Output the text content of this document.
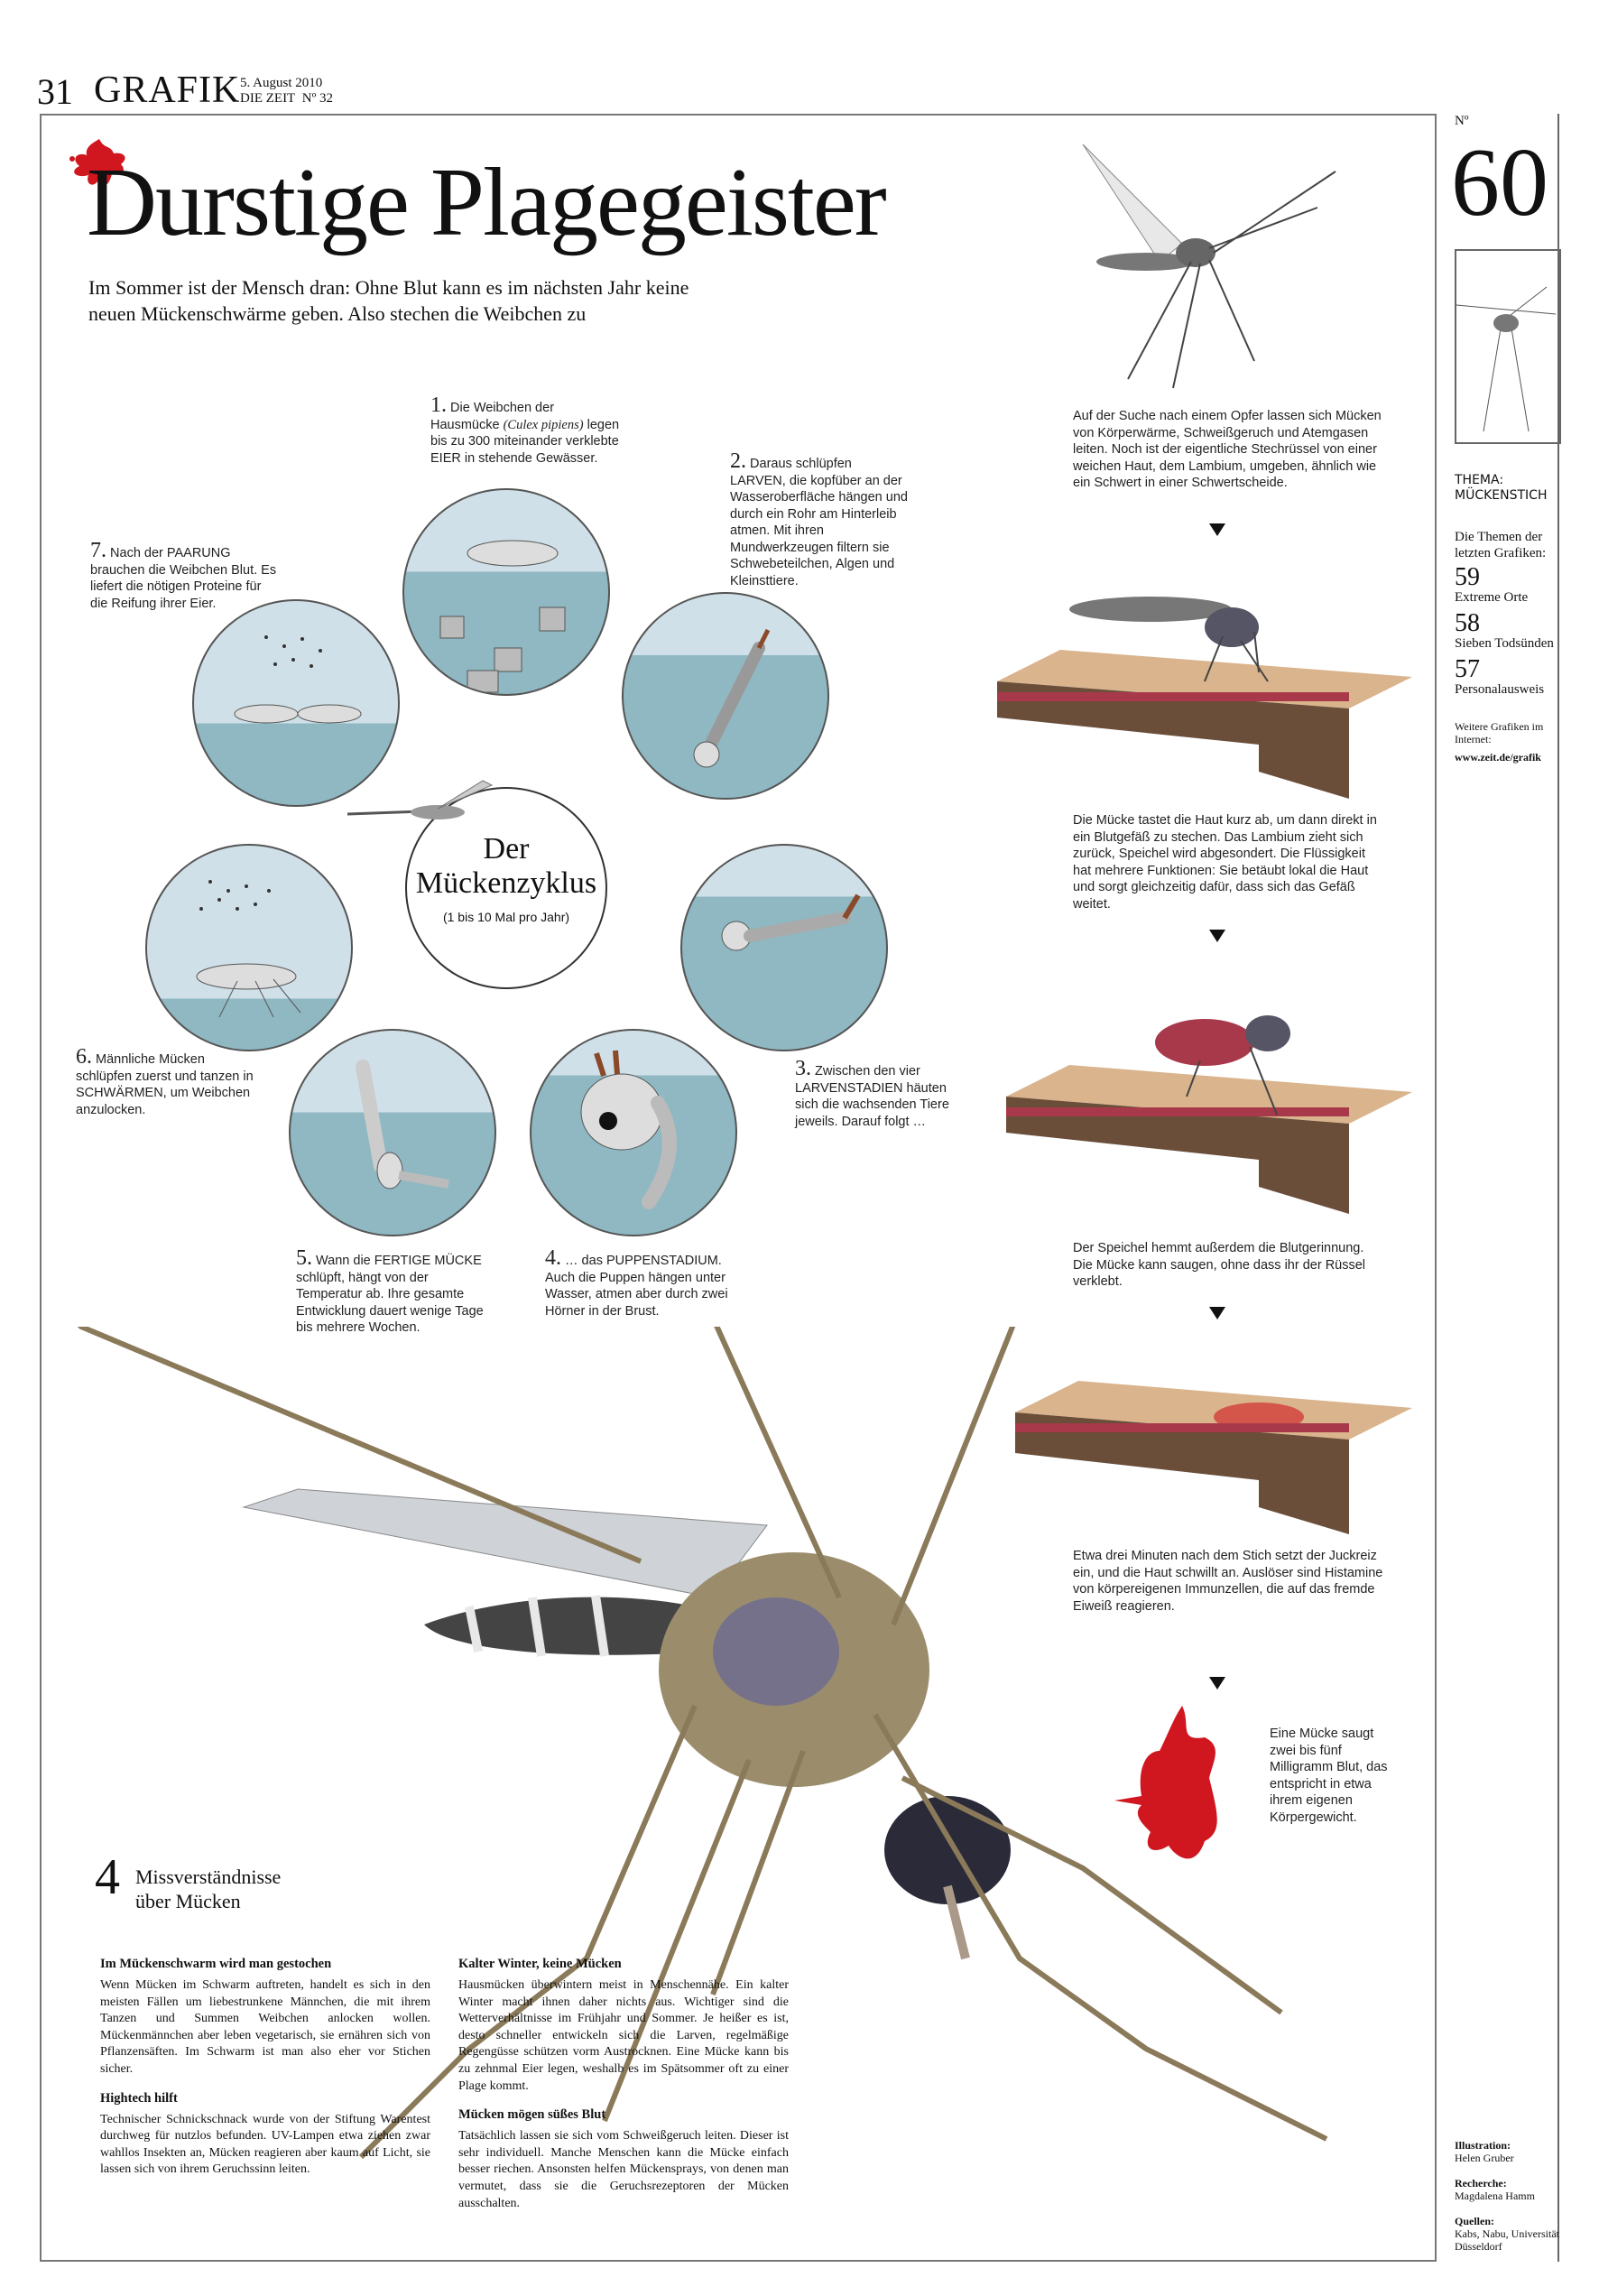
31 GRAFIK 5. August 2010
DIE ZEIT Nº 32
Durstige Plagegeister
Im Sommer ist der Mensch dran: Ohne Blut kann es im nächsten Jahr keine neuen Mückenschwärme geben. Also stechen die Weibchen zu
Der
Mückenzyklus
(1 bis 10 Mal pro Jahr)
1. Die Weibchen der Hausmücke (Culex pipiens) legen bis zu 300 miteinander verklebte EIER in stehende Gewässer.	2. Daraus schlüpfen LARVEN, die kopfüber an der Wasseroberfläche hängen und durch ein Rohr am Hinterleib atmen. Mit ihren Mundwerkzeugen filtern sie Schwebeteilchen, Algen und Kleinsttiere.
3. Zwischen den vier LARVENSTADIEN häuten sich die wachsenden Tiere jeweils. Darauf folgt …
4. … das PUPPENSTADIUM. Auch die Puppen hängen unter Wasser, atmen aber durch zwei Hörner in der Brust.
5. Wann die FERTIGE MÜCKE schlüpft, hängt von der Temperatur ab. Ihre gesamte Entwicklung dauert wenige Tage bis mehrere Wochen.
6. Männliche Mücken schlüpfen zuerst und tanzen in SCHWÄRMEN, um Weibchen anzulocken.
7. Nach der PAARUNG brauchen die Weibchen Blut. Es liefert die nötigen Proteine für die Reifung ihrer Eier.
Auf der Suche nach einem Opfer lassen sich Mücken von Körperwärme, Schweißgeruch und Atemgasen leiten. Noch ist der eigentliche Stechrüssel von einer weichen Haut, dem Lambium, umgeben, ähnlich wie ein Schwert in einer Schwertscheide.
Die Mücke tastet die Haut kurz ab, um dann direkt in ein Blutgefäß zu stechen. Das Lambium zieht sich zurück, Speichel wird abgesondert. Die Flüssigkeit hat mehrere Funktionen: Sie betäubt lokal die Haut und sorgt gleichzeitig dafür, dass sich das Gefäß weitet.
Der Speichel hemmt außerdem die Blutgerinnung. Die Mücke kann saugen, ohne dass ihr der Rüssel verklebt.
Etwa drei Minuten nach dem Stich setzt der Juckreiz ein, und die Haut schwillt an. Auslöser sind Histamine von körpereigenen Immunzellen, die auf das fremde Eiweiß reagieren.
Eine Mücke saugt zwei bis fünf Milligramm Blut, das entspricht in etwa ihrem eigenen Körpergewicht.
4 Missverständnisse
über Mücken
Im Mückenschwarm wird man gestochen

Wenn Mücken im Schwarm auftreten, handelt es sich in den meisten Fällen um liebestrunkene Männchen, die mit ihrem Tanzen und Summen Weibchen anlocken wollen. Mückenmännchen aber leben vegetarisch, sie ernähren sich von Pflanzensäften. Im Schwarm ist man also eher vor Stichen sicher.

Hightech hilft

Technischer Schnickschnack wurde von der Stiftung Warentest durchweg für nutzlos befunden. UV-Lampen etwa ziehen zwar wahllos Insekten an, Mücken reagieren aber kaum auf Licht, sie lassen sich von ihrem Geruchssinn leiten.

Kalter Winter, keine Mücken

Hausmücken überwintern meist in Menschennähe. Ein kalter Winter macht ihnen daher nichts aus. Wichtiger sind die Wetterverhältnisse im Frühjahr und Sommer. Je heißer es ist, desto schneller entwickeln sich die Larven, regelmäßige Regengüsse schützen vorm Austrocknen. Eine Mücke kann bis zu zehnmal Eier legen, weshalb es im Spätsommer oft zu einer Plage kommt.

Mücken mögen süßes Blut

Tatsächlich lassen sie sich vom Schweißgeruch leiten. Dieser ist sehr individuell. Manche Menschen kann die Mücke einfach besser riechen. Ansonsten helfen Mückensprays, von denen man vermutet, dass sie die Geruchsrezeptoren der Mücken ausschalten.

Nº
60
THEMA:
MÜCKENSTICH
Die Themen der letzten Grafiken:
59
Extreme Orte
58
Sieben Todsünden
57
Personalausweis
Weitere Grafiken im Internet:
www.zeit.de/grafik
Illustration:
Helen Gruber
Recherche:
Magdalena Hamm
Quellen:
Kabs, Nabu, Universität Düsseldorf
